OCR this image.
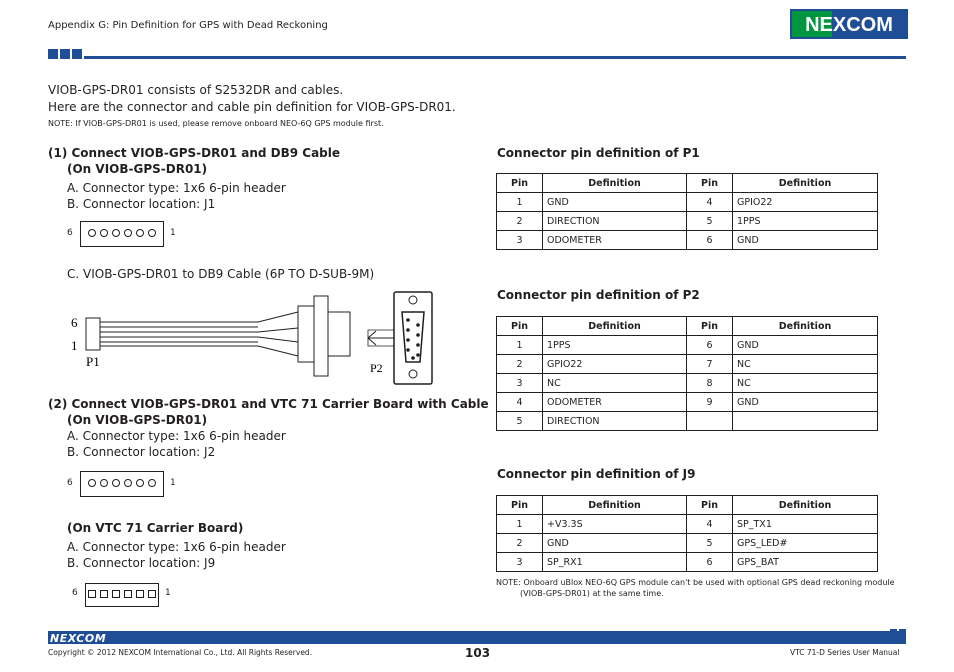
Appendix G: Pin Definition for GPS with Dead Reckoning	NEXCOM
VIOB-GPS-DR01 consists of S2532DR and cables.
Here are the connector and cable pin definition for VIOB-GPS-DR01.
NOTE: If VIOB-GPS-DR01 is used, please remove onboard NEO-6Q GPS module first.
(1) Connect VIOB-GPS-DR01 and DB9 Cable
(On VIOB-GPS-DR01)
A. Connector type: 1x6 6-pin header
B. Connector location: J1
6	1
C. VIOB-GPS-DR01 to DB9 Cable (6P TO D-SUB-9M)
6
1
P1	P2
(2) Connect VIOB-GPS-DR01 and VTC 71 Carrier Board with Cable
(On VIOB-GPS-DR01)
A. Connector type: 1x6 6-pin header
B. Connector location: J2
6	1
(On VTC 71 Carrier Board)
A. Connector type: 1x6 6-pin header
B. Connector location: J9
6	1
Connector pin definition of P1
Pin	Definition	Pin	Definition
1	GND	4	GPIO22
2	DIRECTION	5	1PPS
3	ODOMETER	6	GND
Connector pin definition of P2
Pin	Definition	Pin	Definition
1	1PPS	6	GND
2	GPIO22	7	NC
3	NC	8	NC
4	ODOMETER	9	GND
5	DIRECTION		
Connector pin definition of J9
Pin	Definition	Pin	Definition
1	+V3.3S	4	SP_TX1
2	GND	5	GPS_LED#
3	SP_RX1	6	GPS_BAT
NOTE: Onboard uBlox NEO-6Q GPS module can't be used with optional GPS dead reckoning module
(VIOB-GPS-DR01) at the same time.
NEXCOM
Copyright © 2012 NEXCOM International Co., Ltd. All Rights Reserved.	103	VTC 71-D Series User Manual
